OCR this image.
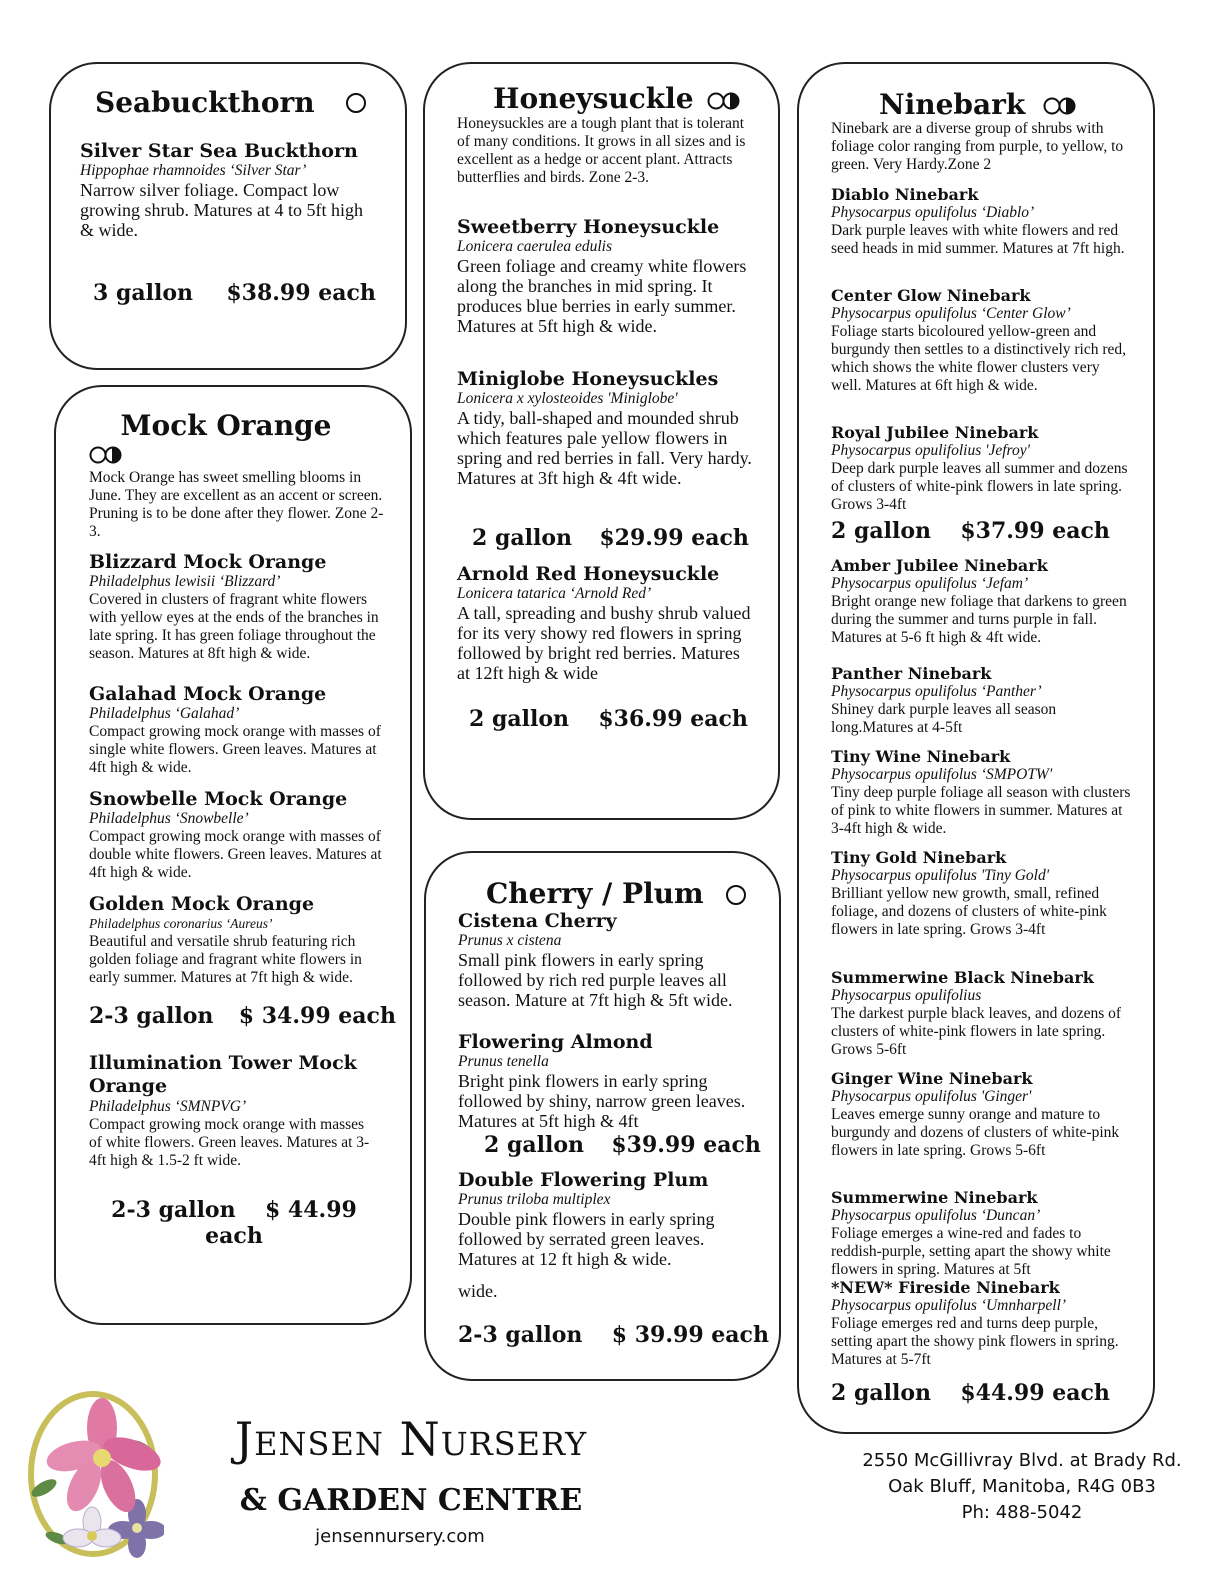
Seabuckthorn

Silver Star Sea Buckthorn

Hippophae rhamnoides ‘Silver Star’

Narrow silver foliage. Compact low growing shrub. Matures at 4 to 5ft high & wide.

3 gallon $38.99 each
Mock Orange

Mock Orange has sweet smelling blooms in June. They are excellent as an accent or screen. Pruning is to be done after they flower. Zone 2-3.

Blizzard Mock Orange

Philadelphus lewisii ‘Blizzard’

Covered in clusters of fragrant white flowers with yellow eyes at the ends of the branches in late spring. It has green foliage throughout the season. Matures at 8ft high & wide.

Galahad Mock Orange

Philadelphus ‘Galahad’

Compact growing mock orange with masses of single white flowers. Green leaves. Matures at 4ft high & wide.

Snowbelle Mock Orange

Philadelphus ‘Snowbelle’

Compact growing mock orange with masses of double white flowers. Green leaves. Matures at 4ft high & wide.

Golden Mock Orange

Philadelphus coronarius ‘Aureus’

Beautiful and versatile shrub featuring rich golden foliage and fragrant white flowers in early summer. Matures at 7ft high & wide.

2-3 gallon $ 34.99 each

Illumination Tower Mock Orange

Philadelphus ‘SMNPVG’

Compact growing mock orange with masses of white flowers. Green leaves. Matures at 3-4ft high & 1.5-2 ft wide.

2-3 gallon $ 44.99
each
Honeysuckle

Honeysuckles are a tough plant that is tolerant of many conditions. It grows in all sizes and is excellent as a hedge or accent plant. Attracts butterflies and birds. Zone 2-3.

Sweetberry Honeysuckle

Lonicera caerulea edulis

Green foliage and creamy white flowers along the branches in mid spring. It produces blue berries in early summer. Matures at 5ft high & wide.

Miniglobe Honeysuckles

Lonicera x xylosteoides 'Miniglobe'

A tidy, ball-shaped and mounded shrub which features pale yellow flowers in spring and red berries in fall. Very hardy. Matures at 3ft high & 4ft wide.

2 gallon $29.99 each

Arnold Red Honeysuckle

Lonicera tatarica ‘Arnold Red’

A tall, spreading and bushy shrub valued for its very showy red flowers in spring followed by bright red berries. Matures at 12ft high & wide

2 gallon $36.99 each
Cherry / Plum

Cistena Cherry

Prunus x cistena

Small pink flowers in early spring followed by rich red purple leaves all season. Mature at 7ft high & 5ft wide.

Flowering Almond

Prunus tenella

Bright pink flowers in early spring followed by shiny, narrow green leaves. Matures at 5ft high & 4ft

2 gallon $39.99 each

Double Flowering Plum

Prunus triloba multiplex

Double pink flowers in early spring followed by serrated green leaves. Matures at 12 ft high & wide.

wide.
2-3 gallon $ 39.99 each
Ninebark

Ninebark are a diverse group of shrubs with foliage color ranging from purple, to yellow, to green. Very Hardy.Zone 2

Diablo Ninebark

Physocarpus opulifolus ‘Diablo’

Dark purple leaves with white flowers and red seed heads in mid summer. Matures at 7ft high.

Center Glow Ninebark

Physocarpus opulifolus ‘Center Glow’

Foliage starts bicoloured yellow-green and burgundy then settles to a distinctively rich red, which shows the white flower clusters very well. Matures at 6ft high & wide.

Royal Jubilee Ninebark

Physocarpus opulifolius 'Jefroy'

Deep dark purple leaves all summer and dozens of clusters of white-pink flowers in late spring. Grows 3-4ft

2 gallon $37.99 each

Amber Jubilee Ninebark

Physocarpus opulifolus ‘Jefam’

Bright orange new foliage that darkens to green during the summer and turns purple in fall. Matures at 5-6 ft high & 4ft wide.

Panther Ninebark

Physocarpus opulifolus ‘Panther’

Shiney dark purple leaves all season long.Matures at 4-5ft

Tiny Wine Ninebark

Physocarpus opulifolus ‘SMPOTW'

Tiny deep purple foliage all season with clusters of pink to white flowers in summer. Matures at 3-4ft high & wide.

Tiny Gold Ninebark

Physocarpus opulifolus 'Tiny Gold'

Brilliant yellow new growth, small, refined foliage, and dozens of clusters of white-pink flowers in late spring. Grows 3-4ft

Summerwine Black Ninebark

Physocarpus opulifolius

The darkest purple black leaves, and dozens of clusters of white-pink flowers in late spring. Grows 5-6ft

Ginger Wine Ninebark

Physocarpus opulifolus 'Ginger'

Leaves emerge sunny orange and mature to burgundy and dozens of clusters of white-pink flowers in late spring. Grows 5-6ft

Summerwine Ninebark

Physocarpus opulifolus ‘Duncan’

Foliage emerges a wine-red and fades to reddish-purple, setting apart the showy white flowers in spring. Matures at 5ft

*NEW* Fireside Ninebark

Physocarpus opulifolus ‘Umnharpell’

Foliage emerges red and turns deep purple, setting apart the showy pink flowers in spring. Matures at 5-7ft

2 gallon $44.99 each
Jensen Nursery
& GARDEN CENTRE
jensennursery.com
2550 McGillivray Blvd. at Brady Rd.
Oak Bluff, Manitoba, R4G 0B3
Ph: 488-5042
